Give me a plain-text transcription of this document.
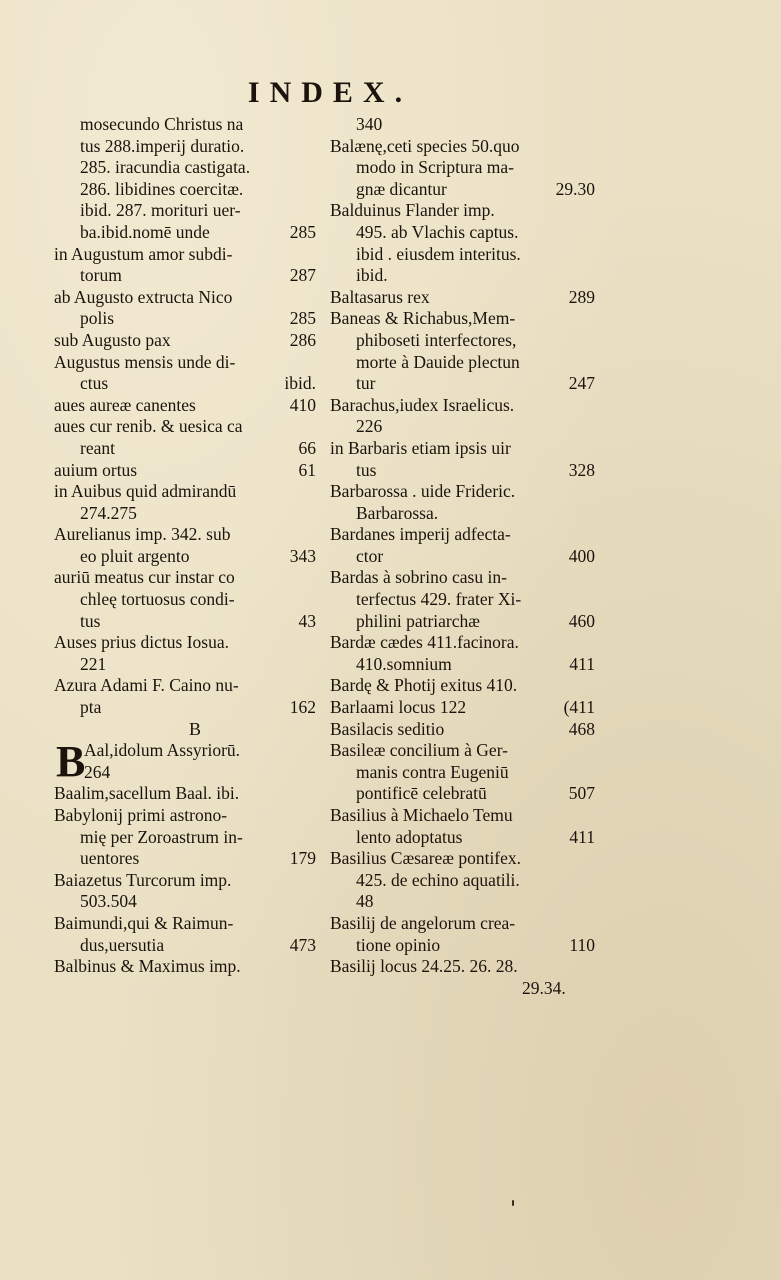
INDEX.
mosecundo Christus na
tus 288.imperij duratio.
285. iracundia castigata.
286. libidines coercitæ.
ibid. 287. morituri uer-
ba.ibid.nomē unde	285
in Augustum amor subdi-
torum	287
ab Augusto extructa Nico
polis	285
sub Augusto pax	286
Augustus mensis unde di-
ctus	ibid.
aues aureæ canentes	410
aues cur renib. & uesica ca
reant	66
auium ortus	61
in Auibus quid admirandū
274.275
Aurelianus imp. 342. sub
eo pluit argento	343
auriū meatus cur instar co
chleę tortuosus condi-
tus	43
Auses prius dictus Iosua.
221
Azura Adami F. Caino nu-
pta	162
B
B
Aal,idolum Assyriorū.
264
Baalim,sacellum Baal. ibi.
Babylonij primi astrono-
mię per Zoroastrum in-
uentores	179
Baiazetus Turcorum imp.
503.504
Baimundi,qui & Raimun-
dus,uersutia	473
Balbinus & Maximus imp.
340
Balænę,ceti species 50.quo
modo in Scriptura ma-
gnæ dicantur	29.30
Balduinus Flander imp.
495. ab Vlachis captus.
ibid . eiusdem interitus.
ibid.
Baltasarus rex	289
Baneas & Richabus,Mem-
phiboseti interfectores,
morte à Dauide plectun
tur	247
Barachus,iudex Israelicus.
226
in Barbaris etiam ipsis uir
tus	328
Barbarossa . uide Frideric.
Barbarossa.
Bardanes imperij adfecta-
ctor	400
Bardas à sobrino casu in-
terfectus 429. frater Xi-
philini patriarchæ	460
Bardæ cædes 411.facinora.
410.somnium	411
Bardę & Photij exitus 410.
Barlaami locus 122	(411
Basilacis seditio	468
Basileæ concilium à Ger-
manis contra Eugeniū
pontificē celebratū	507
Basilius à Michaelo Temu
lento adoptatus	411
Basilius Cæsareæ pontifex.
425. de echino aquatili.
48
Basilij de angelorum crea-
tione opinio	110
Basilij locus 24.25. 26. 28.
29.34.
